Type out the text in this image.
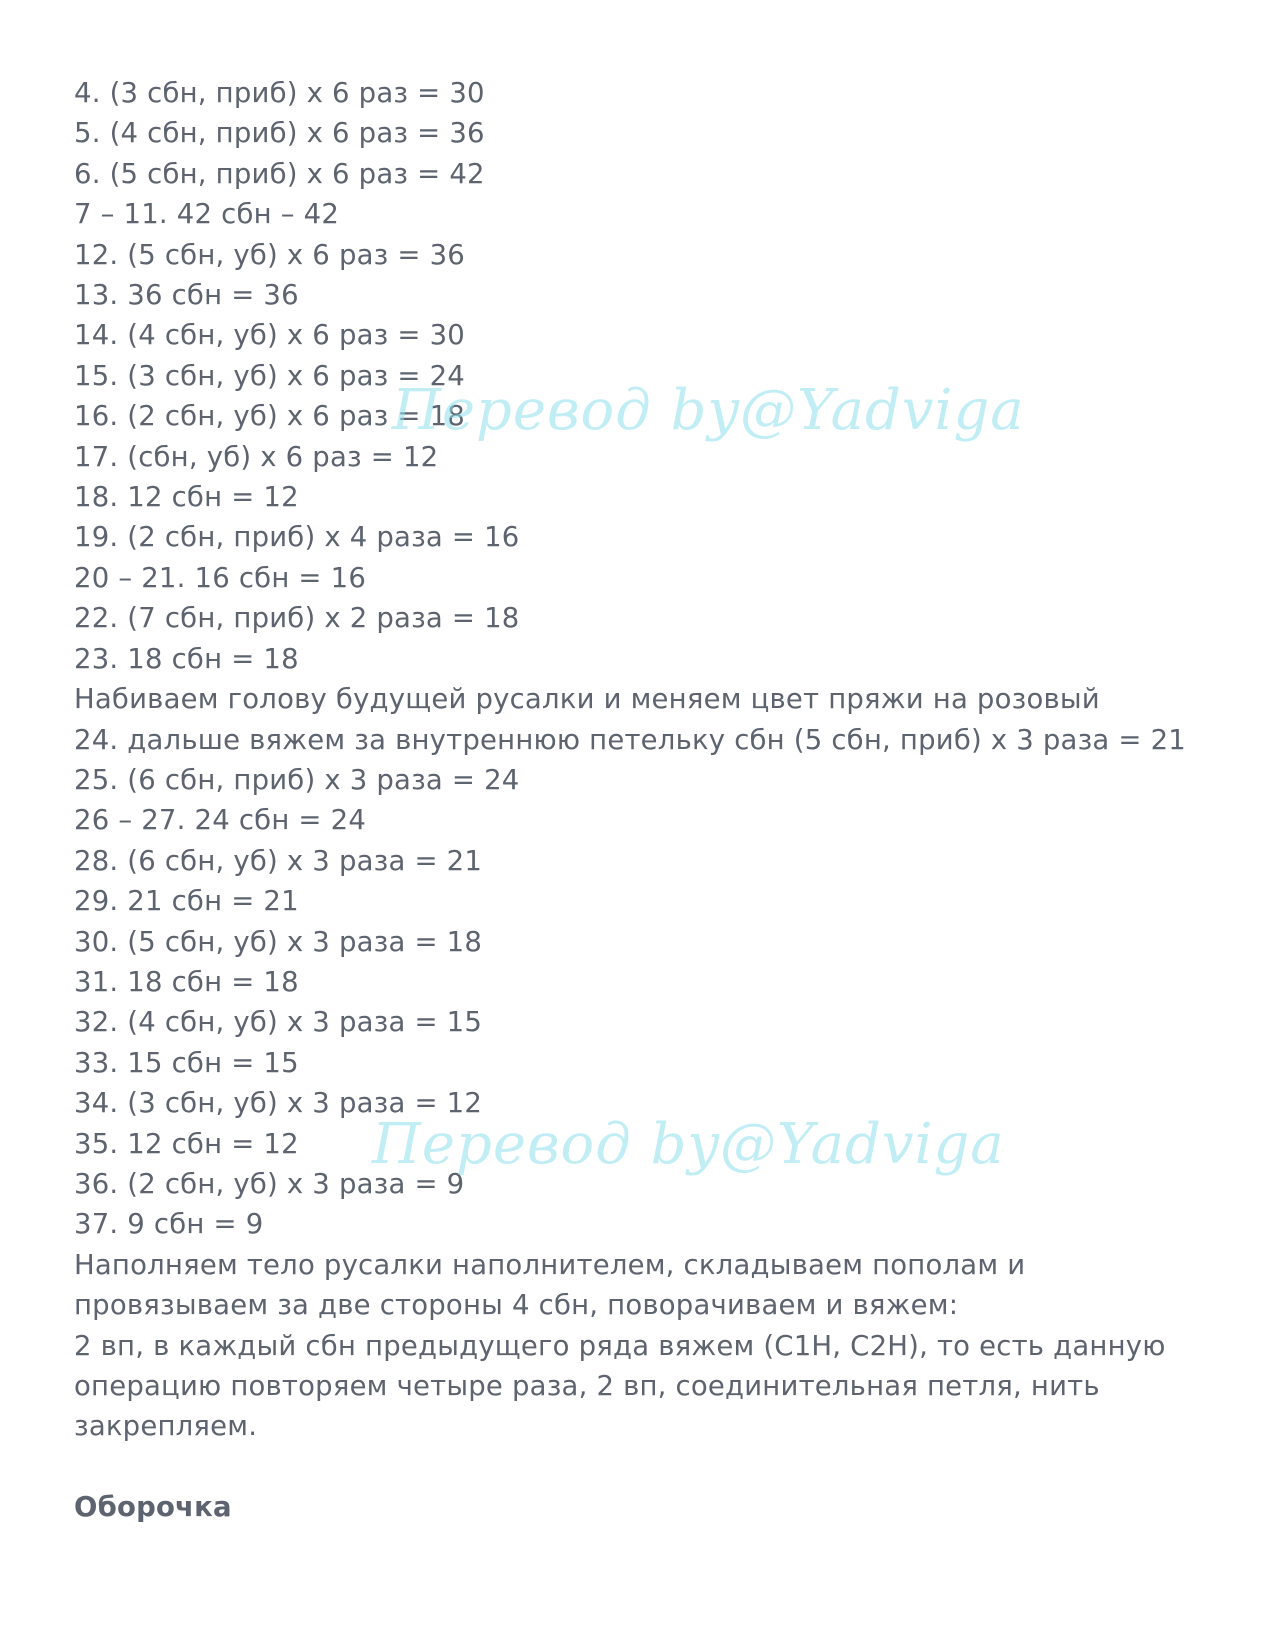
4. (3 сбн, приб) х 6 раз = 30
5. (4 сбн, приб) х 6 раз = 36
6. (5 сбн, приб) х 6 раз = 42
7 – 11. 42 сбн – 42
12. (5 сбн, уб) х 6 раз = 36
13. 36 сбн = 36
14. (4 сбн, уб) х 6 раз = 30
15. (3 сбн, уб) х 6 раз = 24
16. (2 сбн, уб) х 6 раз = 18
17. (сбн, уб) х 6 раз = 12
18. 12 сбн = 12
19. (2 сбн, приб) х 4 раза = 16
20 – 21. 16 сбн = 16
22. (7 сбн, приб) х 2 раза = 18
23. 18 сбн = 18
Набиваем голову будущей русалки и меняем цвет пряжи на розовый
24. дальше вяжем за внутреннюю петельку сбн (5 сбн, приб) х 3 раза = 21
25. (6 сбн, приб) х 3 раза = 24
26 – 27. 24 сбн = 24
28. (6 сбн, уб) х 3 раза = 21
29. 21 сбн = 21
30. (5 сбн, уб) х 3 раза = 18
31. 18 сбн = 18
32. (4 сбн, уб) х 3 раза = 15
33. 15 сбн = 15
34. (3 сбн, уб) х 3 раза = 12
35. 12 сбн = 12
36. (2 сбн, уб) х 3 раза = 9
37. 9 сбн = 9
Наполняем тело русалки наполнителем, складываем пополам и провязываем за две стороны 4 сбн, поворачиваем и вяжем:
2 вп, в каждый сбн предыдущего ряда вяжем (С1Н, С2Н), то есть данную операцию повторяем четыре раза, 2 вп, соединительная петля, нить закрепляем.
Оборочка
Перевод by@Yadviga
Перевод by@Yadviga
